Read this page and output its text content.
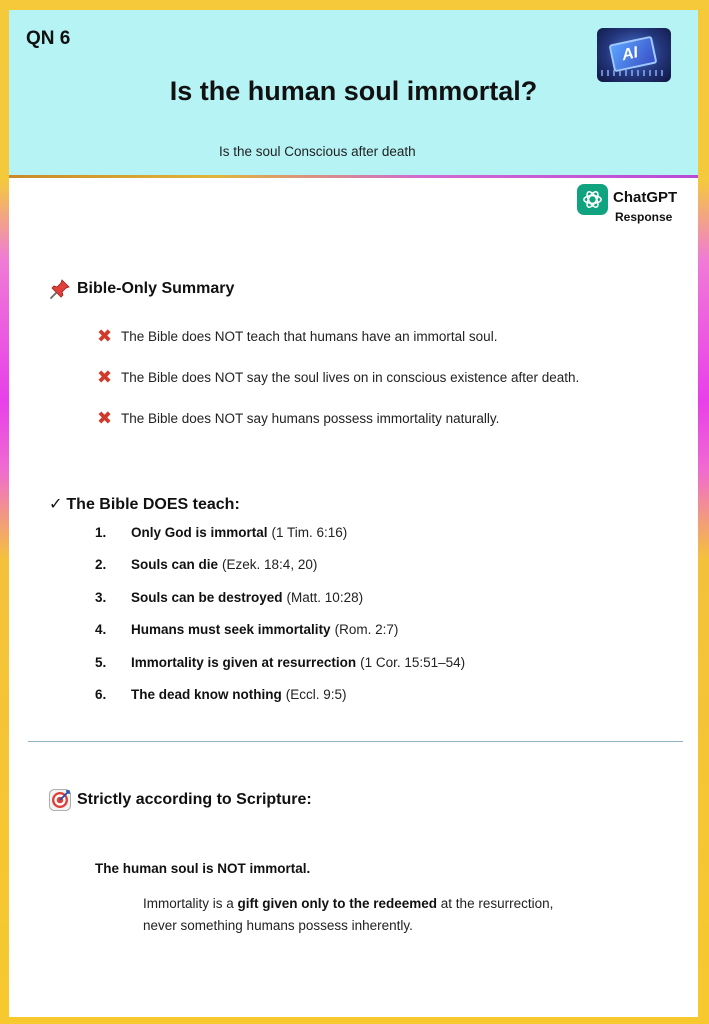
QN 6
AI
Is the human soul immortal?
Is the soul Conscious after death
ChatGPT
Response
Bible-Only Summary
✖ The Bible does NOT teach that humans have an immortal soul.
✖ The Bible does NOT say the soul lives on in conscious existence after death.
✖ The Bible does NOT say humans possess immortality naturally.
✓ The Bible DOES teach:
1.	Only God is immortal (1 Tim. 6:16)
2.	Souls can die (Ezek. 18:4, 20)
3.	Souls can be destroyed (Matt. 10:28)
4.	Humans must seek immortality (Rom. 2:7)
5.	Immortality is given at resurrection (1 Cor. 15:51–54)
6.	The dead know nothing (Eccl. 9:5)
Strictly according to Scripture:
The human soul is NOT immortal.
Immortality is a gift given only to the redeemed at the resurrection,
never something humans possess inherently.
